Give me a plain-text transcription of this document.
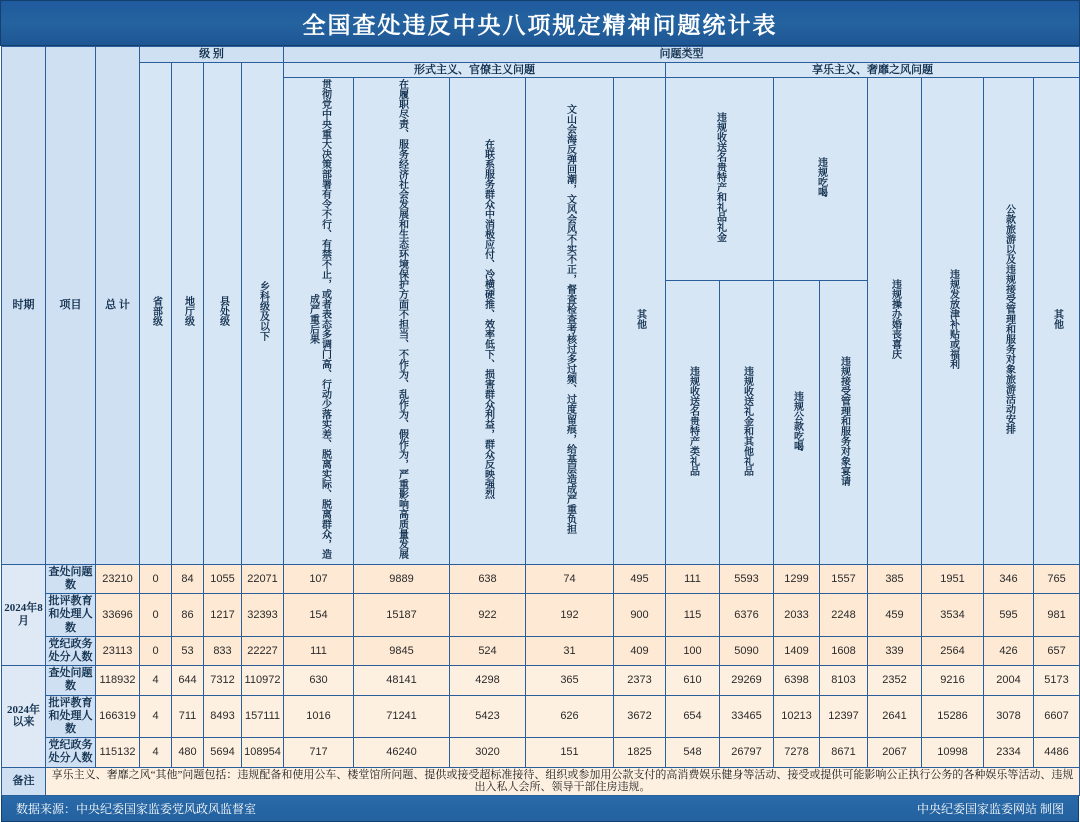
全国查处违反中央八项规定精神问题统计表
时期	项目	总 计	级 别				问题类型												
			省部级	地厅级	县处级	乡科级及以下	形式主义、官僚主义问题					享乐主义、奢靡之风问题							
							贯彻党中央重大决策部署有令不行、有禁不止，或者表态多调门高、行动少落实差、脱离实际、脱离群众，造成严重后果	在履职尽责、服务经济社会发展和生态环境保护方面不担当、不作为、乱作为、假作为，严重影响高质量发展	在联系服务群众中消极应付、冷横硬推、效率低下、损害群众利益，群众反映强烈	文山会海反弹回潮，文风会风不实不正，督查检查考核过多过频、过度留痕，给基层造成严重负担	其他	违规收送名贵特产和礼品礼金		违规吃喝		违规操办婚丧喜庆	违规发放津补贴或福利	公款旅游以及违规接受管理和服务对象旅游活动安排	其他
												违规收送名贵特产类礼品	违规收送礼金和其他礼品	违规公款吃喝	违规接受管理和服务对象宴请				
2024年8月	查处问题数	23210	0	84	1055	22071	107	9889	638	74	495	111	5593	1299	1557	385	1951	346	765
	批评教育和处理人数	33696	0	86	1217	32393	154	15187	922	192	900	115	6376	2033	2248	459	3534	595	981
	党纪政务处分人数	23113	0	53	833	22227	111	9845	524	31	409	100	5090	1409	1608	339	2564	426	657
2024年以来	查处问题数	118932	4	644	7312	110972	630	48141	4298	365	2373	610	29269	6398	8103	2352	9216	2004	5173
	批评教育和处理人数	166319	4	711	8493	157111	1016	71241	5423	626	3672	654	33465	10213	12397	2641	15286	3078	6607
	党纪政务处分人数	115132	4	480	5694	108954	717	46240	3020	151	1825	548	26797	7278	8671	2067	10998	2334	4486
备注	享乐主义、奢靡之风“其他”问题包括：违规配备和使用公车、楼堂馆所问题、提供或接受超标准接待、组织或参加用公款支付的高消费娱乐健身等活动、接受或提供可能影响公正执行公务的各种娱乐等活动、违规出入私人会所、领导干部住房违规。																		
数据来源：中央纪委国家监委党风政风监督室	中央纪委国家监委网站 制图
